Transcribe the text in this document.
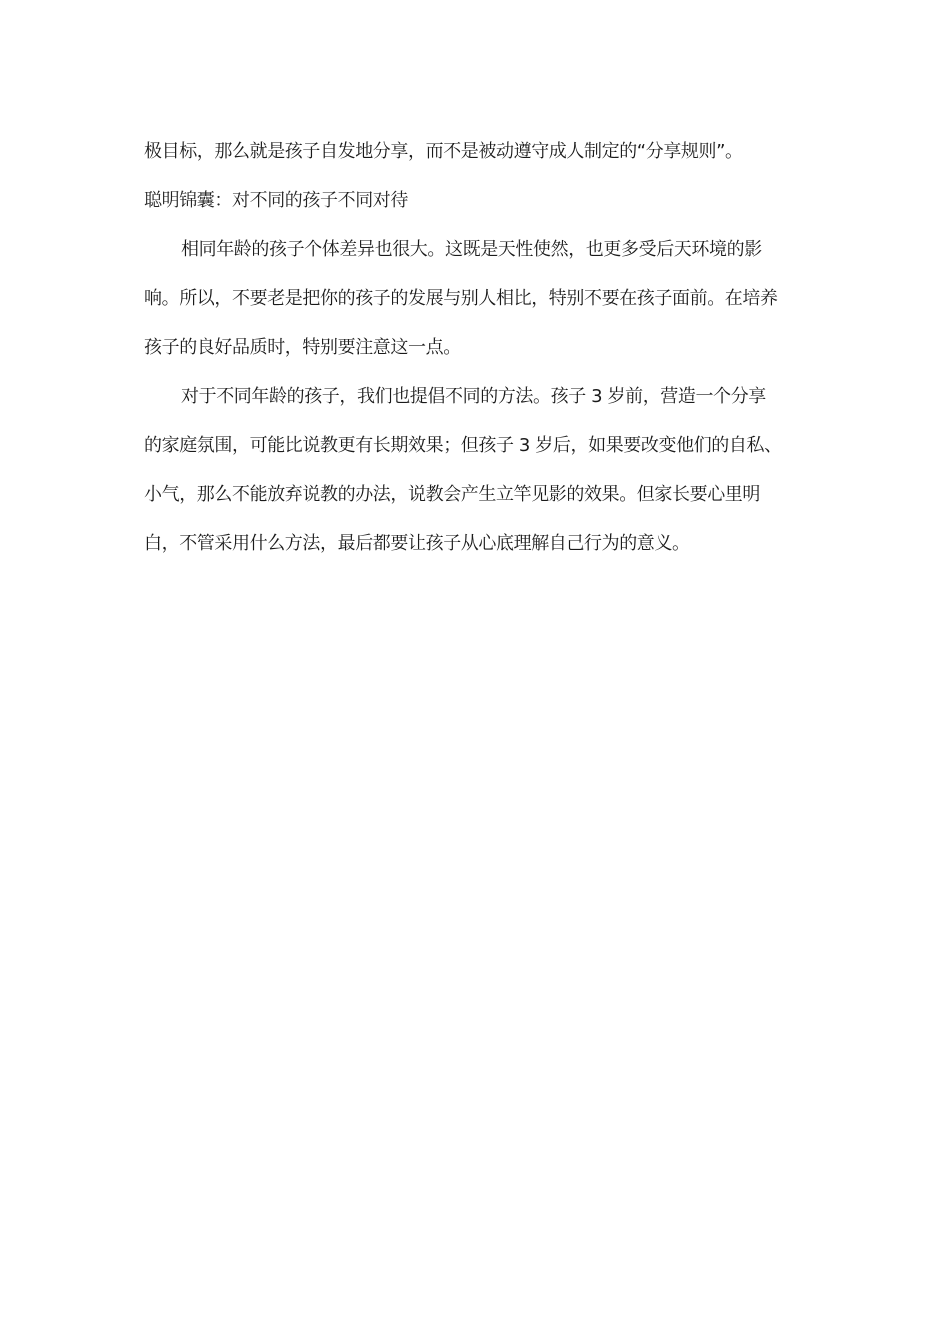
极目标，那么就是孩子自发地分享，而不是被动遵守成人制定的“分享规则”。
聪明锦囊：对不同的孩子不同对待
相同年龄的孩子个体差异也很大。这既是天性使然，也更多受后天环境的影
响。所以，不要老是把你的孩子的发展与别人相比，特别不要在孩子面前。在培养
孩子的良好品质时，特别要注意这一点。
对于不同年龄的孩子，我们也提倡不同的方法。孩子 3 岁前，营造一个分享
的家庭氛围，可能比说教更有长期效果；但孩子 3 岁后，如果要改变他们的自私、
小气，那么不能放弃说教的办法，说教会产生立竿见影的效果。但家长要心里明
白，不管采用什么方法，最后都要让孩子从心底理解自己行为的意义。
